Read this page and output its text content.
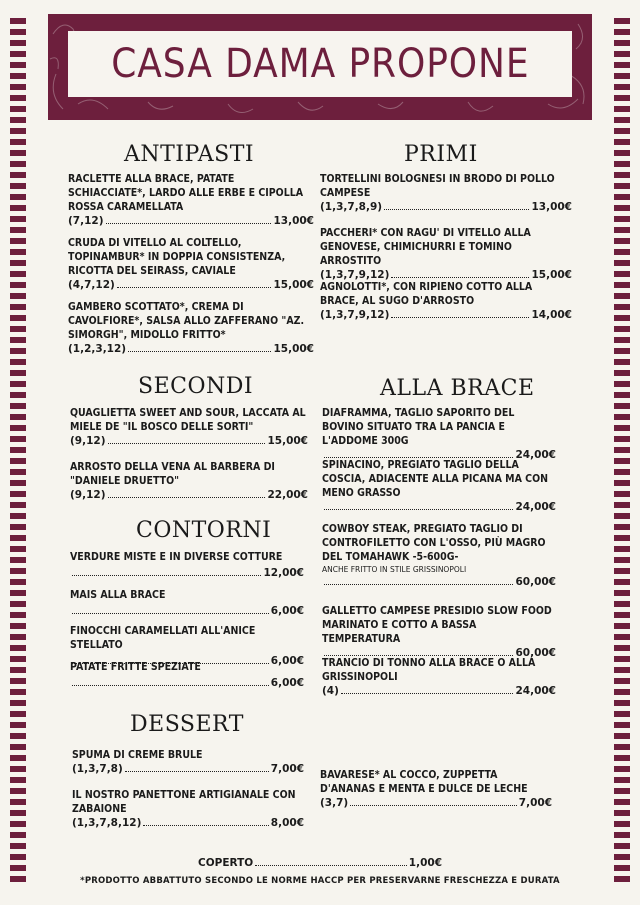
CASA DAMA PROPONE
ANTIPASTI
RACLETTE ALLA BRACE, PATATE SCHIACCIATE*, LARDO ALLE ERBE E CIPOLLA ROSSA CARAMELLATA
(7,12)	13,00€
CRUDA DI VITELLO AL COLTELLO, TOPINAMBUR* IN DOPPIA CONSISTENZA, RICOTTA DEL SEIRASS, CAVIALE
(4,7,12)	15,00€
GAMBERO SCOTTATO*, CREMA DI CAVOLFIORE*, SALSA ALLO ZAFFERANO "AZ. SIMORGH", MIDOLLO FRITTO*
(1,2,3,12)	15,00€
PRIMI
TORTELLINI BOLOGNESI IN BRODO DI POLLO CAMPESE
(1,3,7,8,9)	13,00€
PACCHERI* CON RAGU' DI VITELLO ALLA GENOVESE, CHIMICHURRI E TOMINO ARROSTITO
(1,3,7,9,12)	15,00€
AGNOLOTTI*, CON RIPIENO COTTO ALLA BRACE, AL SUGO D'ARROSTO
(1,3,7,9,12)	14,00€
SECONDI
QUAGLIETTA SWEET AND SOUR, LACCATA AL MIELE DE "IL BOSCO DELLE SORTI"
(9,12)	15,00€
ARROSTO DELLA VENA AL BARBERA DI "DANIELE DRUETTO"
(9,12)	22,00€
ALLA BRACE
DIAFRAMMA, TAGLIO SAPORITO DEL BOVINO SITUATO TRA LA PANCIA E L'ADDOME 300G
24,00€
SPINACINO, PREGIATO TAGLIO DELLA COSCIA, ADIACENTE ALLA PICANA MA CON MENO GRASSO
24,00€
COWBOY STEAK, PREGIATO TAGLIO DI CONTROFILETTO CON L'OSSO, PIÙ MAGRO DEL TOMAHAWK -5-600G-
ANCHE FRITTO IN STILE GRISSINOPOLI
60,00€
GALLETTO CAMPESE PRESIDIO SLOW FOOD MARINATO E COTTO A BASSA TEMPERATURA
60,00€
TRANCIO DI TONNO ALLA BRACE O ALLA GRISSINOPOLI
(4)	24,00€
CONTORNI
VERDURE MISTE E IN DIVERSE COTTURE
12,00€
MAIS ALLA BRACE
6,00€
FINOCCHI CARAMELLATI ALL'ANICE STELLATO
6,00€
PATATE FRITTE SPEZIATE
6,00€
DESSERT
SPUMA DI CREME BRULE
(1,3,7,8)	7,00€
IL NOSTRO PANETTONE ARTIGIANALE CON ZABAIONE
(1,3,7,8,12)	8,00€
BAVARESE* AL COCCO, ZUPPETTA D'ANANAS E MENTA E DULCE DE LECHE
(3,7)	7,00€
COPERTO	1,00€
*PRODOTTO ABBATTUTO SECONDO LE NORME HACCP PER PRESERVARNE FRESCHEZZA E DURATA
